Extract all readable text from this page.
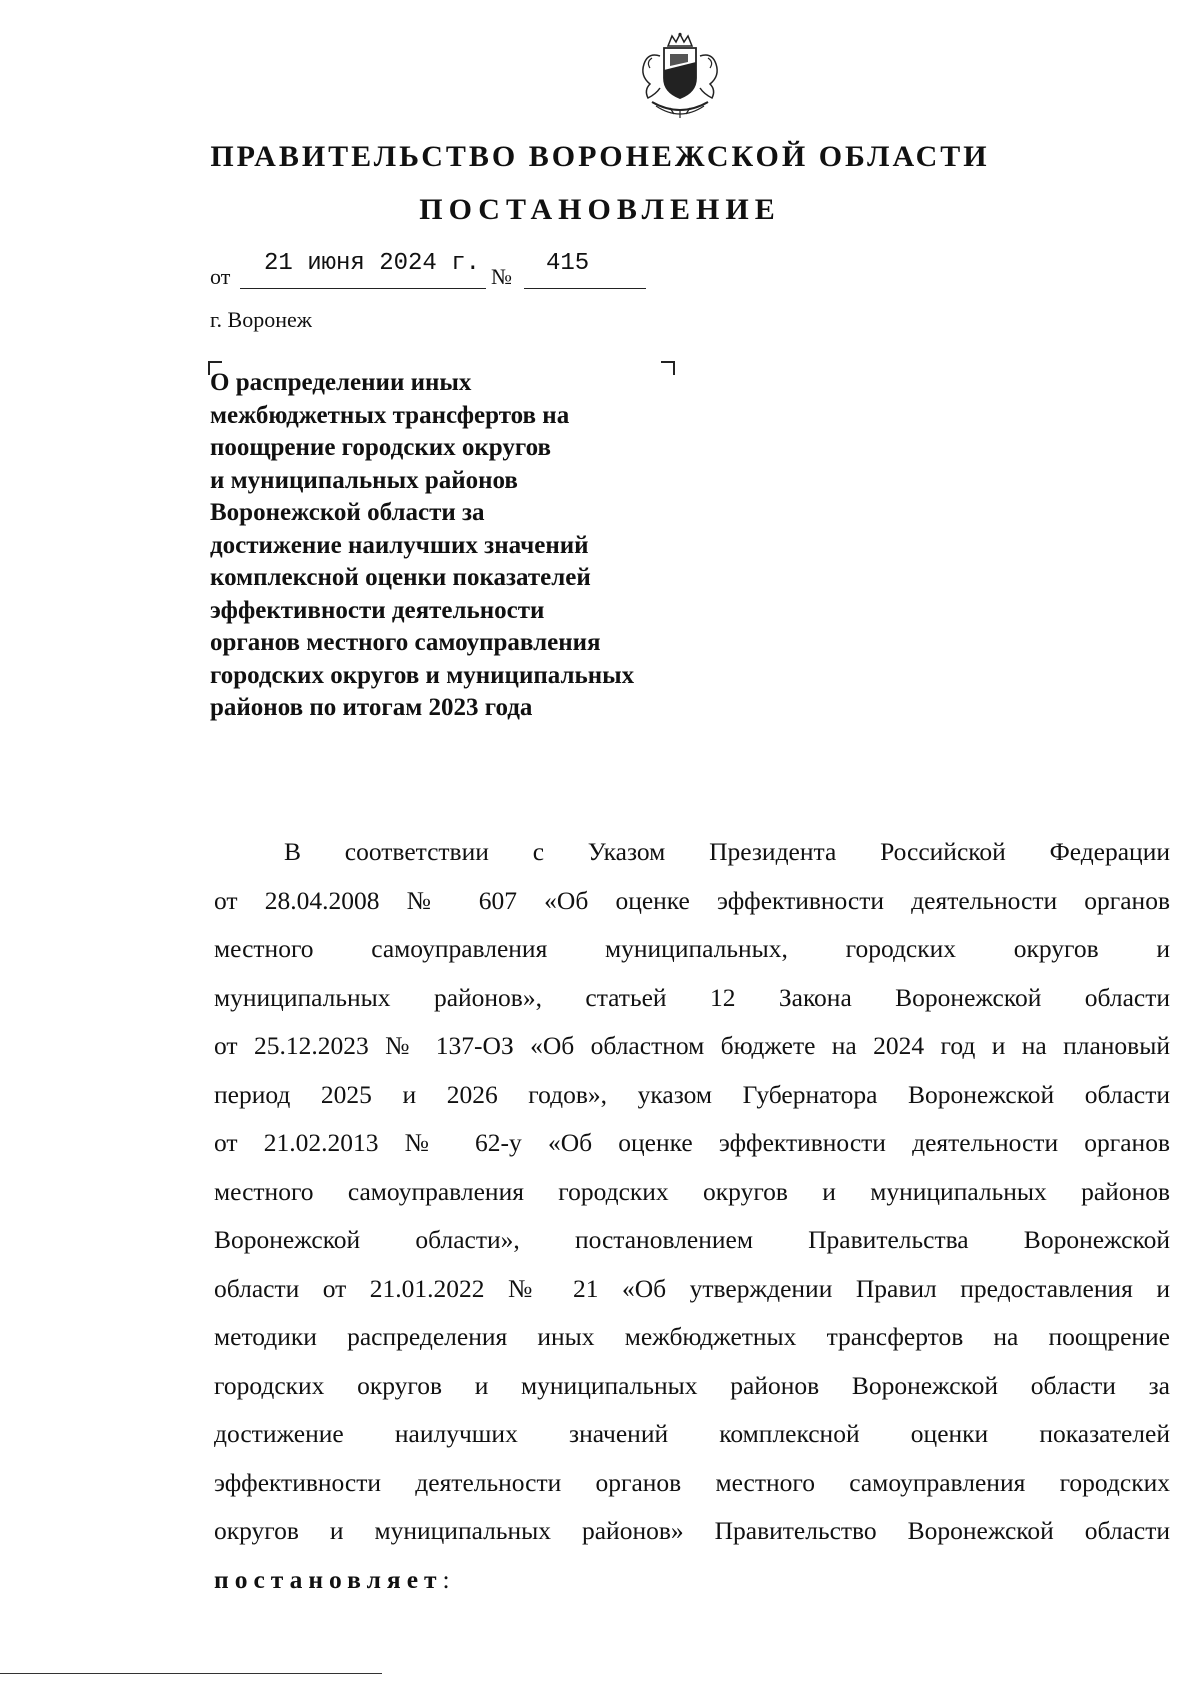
ПРАВИТЕЛЬСТВО ВОРОНЕЖСКОЙ ОБЛАСТИ
ПОСТАНОВЛЕНИЕ
от 21 июня 2024 г. № 415
г. Воронеж
О распределении иных
межбюджетных трансфертов на
поощрение городских округов
и муниципальных районов
Воронежской области за
достижение наилучших значений
комплексной оценки показателей
эффективности деятельности
органов местного самоуправления
городских округов и муниципальных
районов по итогам 2023 года
В соответствии с Указом Президента Российской Федерации
от 28.04.2008 № 607 «Об оценке эффективности деятельности органов
местного самоуправления муниципальных, городских округов и
муниципальных районов», статьей 12 Закона Воронежской области
от 25.12.2023 № 137-ОЗ «Об областном бюджете на 2024 год и на плановый
период 2025 и 2026 годов», указом Губернатора Воронежской области
от 21.02.2013 № 62-у «Об оценке эффективности деятельности органов
местного самоуправления городских округов и муниципальных районов
Воронежской области», постановлением Правительства Воронежской
области от 21.01.2022 № 21 «Об утверждении Правил предоставления и
методики распределения иных межбюджетных трансфертов на поощрение
городских округов и муниципальных районов Воронежской области за
достижение наилучших значений комплексной оценки показателей
эффективности деятельности органов местного самоуправления городских
округов и муниципальных районов» Правительство Воронежской области
постановляет:
